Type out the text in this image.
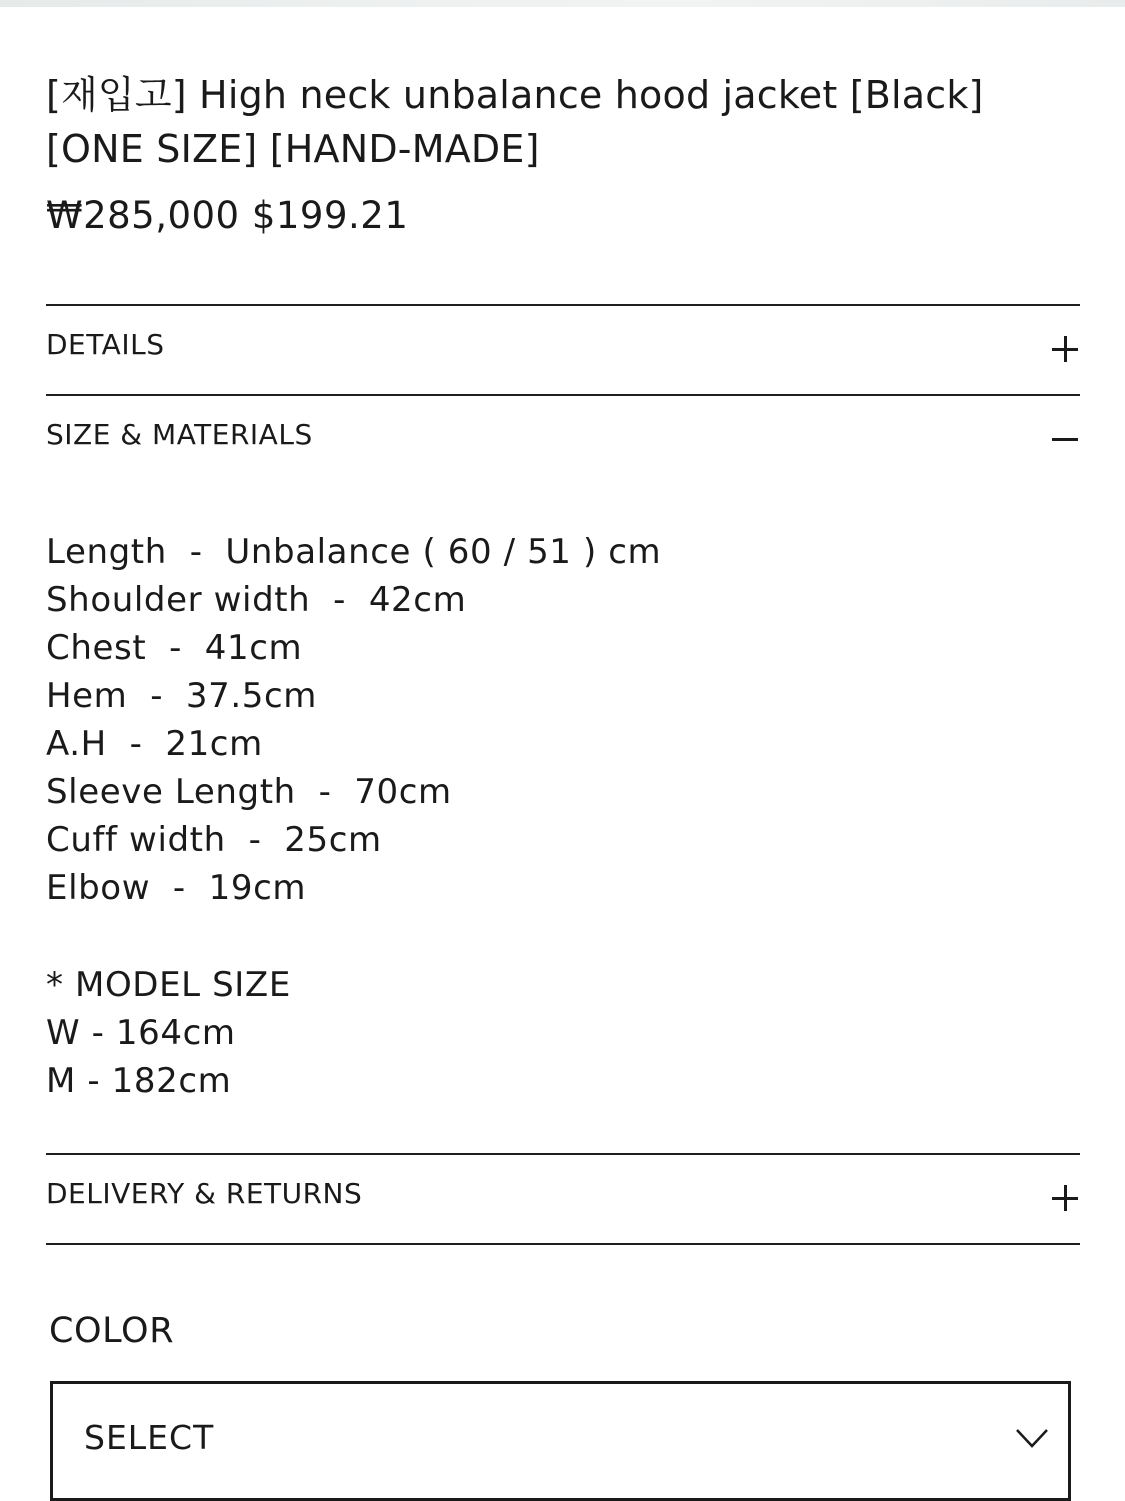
[재입고] High neck unbalance hood jacket [Black]
[ONE SIZE] [HAND-MADE]
₩285,000 $199.21
DETAILS
SIZE & MATERIALS
Length  -  Unbalance ( 60 / 51 ) cm
Shoulder width  -  42cm
Chest  -  41cm
Hem  -  37.5cm
A.H  -  21cm
Sleeve Length  -  70cm
Cuff width  -  25cm
Elbow  -  19cm
* MODEL SIZE
W - 164cm
M - 182cm
DELIVERY & RETURNS
COLOR
SELECT
